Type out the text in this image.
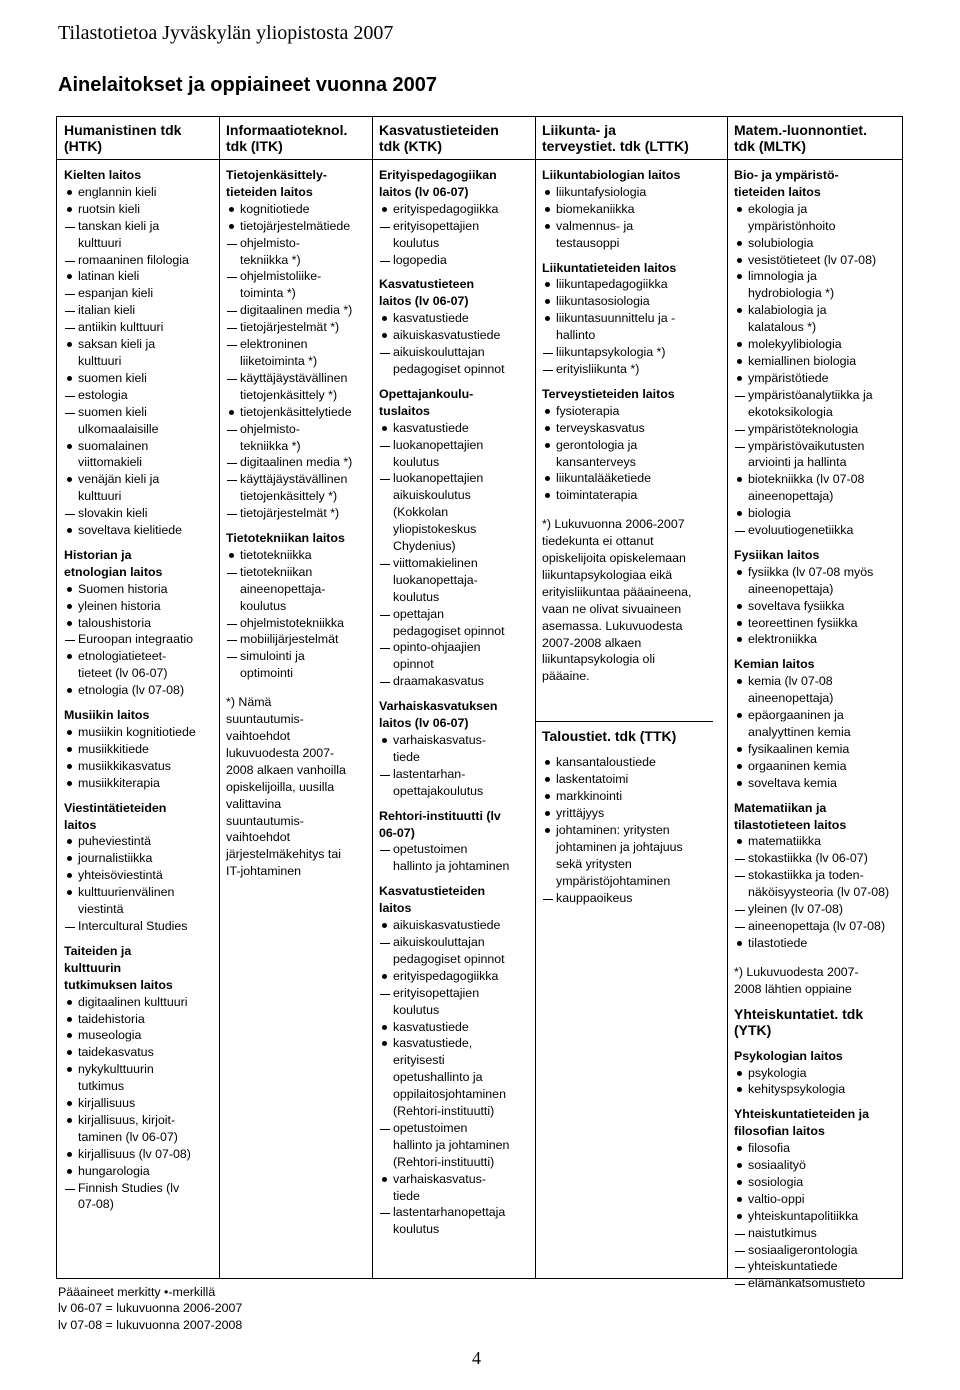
Tilastotietoa Jyväskylän yliopistosta 2007
Ainelaitokset ja oppiaineet vuonna 2007
Humanistinen tdk
(HTK)
Kielten laitos
englannin kieli
ruotsin kieli
tanskan kieli ja
kulttuuri
romaaninen filologia
latinan kieli
espanjan kieli
italian kieli
antiikin kulttuuri
saksan kieli ja
kulttuuri
suomen kieli
estologia
suomen kieli
ulkomaalaisille
suomalainen
viittomakieli
venäjän kieli ja
kulttuuri
slovakin kieli
soveltava kielitiede
Historian ja
etnologian laitos
Suomen historia
yleinen historia
taloushistoria
Euroopan integraatio
etnologiatieteet-
tieteet (lv 06-07)
etnologia (lv 07-08)
Musiikin laitos
musiikin kognitiotiede
musiikkitiede
musiikkikasvatus
musiikkiterapia
Viestintätieteiden
laitos
puheviestintä
journalistiikka
yhteisöviestintä
kulttuurienvälinen
viestintä
Intercultural Studies
Taiteiden ja
kulttuurin
tutkimuksen laitos
digitaalinen kulttuuri
taidehistoria
museologia
taidekasvatus
nykykulttuurin
tutkimus
kirjallisuus
kirjallisuus, kirjoit-
taminen (lv 06-07)
kirjallisuus (lv 07-08)
hungarologia
Finnish Studies (lv
07-08)
Informaatioteknol.
tdk (ITK)
Tietojenkäsittely-
tieteiden laitos
kognitiotiede
tietojärjestelmätiede
ohjelmisto-
tekniikka *)
ohjelmistoliike-
toiminta *)
digitaalinen media *)
tietojärjestelmät *)
elektroninen
liiketoiminta *)
käyttäjäystävällinen
tietojenkäsittely *)
tietojenkäsittelytiede
ohjelmisto-
tekniikka *)
digitaalinen media *)
käyttäjäystävällinen
tietojenkäsittely *)
tietojärjestelmät *)
Tietotekniikan laitos
tietotekniikka
tietotekniikan
aineenopettaja-
koulutus
ohjelmistotekniikka
mobiilijärjestelmät
simulointi ja
optimointi
*) Nämä
suuntautumis-
vaihtoehdot
lukuvuodesta 2007-
2008 alkaen vanhoilla
opiskelijoilla, uusilla
valittavina
suuntautumis-
vaihtoehdot
järjestelmäkehitys tai
IT-johtaminen
Kasvatustieteiden
tdk (KTK)
Erityispedagogiikan
laitos (lv 06-07)
erityispedagogiikka
erityisopettajien
koulutus
logopedia
Kasvatustieteen
laitos (lv 06-07)
kasvatustiede
aikuiskasvatustiede
aikuiskouluttajan
pedagogiset opinnot
Opettajankoulu-
tuslaitos
kasvatustiede
luokanopettajien
koulutus
luokanopettajien
aikuiskoulutus
(Kokkolan
yliopistokeskus
Chydenius)
viittomakielinen
luokanopettaja-
koulutus
opettajan
pedagogiset opinnot
opinto-ohjaajien
opinnot
draamakasvatus
Varhaiskasvatuksen
laitos (lv 06-07)
varhaiskasvatus-
tiede
lastentarhan-
opettajakoulutus
Rehtori-instituutti (lv
06-07)
opetustoimen
hallinto ja johtaminen
Kasvatustieteiden
laitos
aikuiskasvatustiede
aikuiskouluttajan
pedagogiset opinnot
erityispedagogiikka
erityisopettajien
koulutus
kasvatustiede
kasvatustiede,
erityisesti
opetushallinto ja
oppilaitosjohtaminen
(Rehtori-instituutti)
opetustoimen
hallinto ja johtaminen
(Rehtori-instituutti)
varhaiskasvatus-
tiede
lastentarhanopettaja
koulutus
Liikunta- ja
terveystiet. tdk (LTTK)
Liikuntabiologian laitos
liikuntafysiologia
biomekaniikka
valmennus- ja
testausoppi
Liikuntatieteiden laitos
liikuntapedagogiikka
liikuntasosiologia
liikuntasuunnittelu ja -
hallinto
liikuntapsykologia *)
erityisliikunta *)
Terveystieteiden laitos
fysioterapia
terveyskasvatus
gerontologia ja
kansanterveys
liikuntalääketiede
toimintaterapia
*) Lukuvuonna 2006-2007
tiedekunta ei ottanut
opiskelijoita opiskelemaan
liikuntapsykologiaa eikä
erityisliikuntaa pääaineena,
vaan ne olivat sivuaineen
asemassa. Lukuvuodesta
2007-2008 alkaen
liikuntapsykologia oli
pääaine.
Taloustiet. tdk (TTK)
kansantaloustiede
laskentatoimi
markkinointi
yrittäjyys
johtaminen: yritysten
johtaminen ja johtajuus
sekä yritysten
ympäristöjohtaminen
kauppaoikeus
Matem.-luonnontiet.
tdk (MLTK)
Bio- ja ympäristö-
tieteiden laitos
ekologia ja
ympäristönhoito
solubiologia
vesistötieteet (lv 07-08)
limnologia ja
hydrobiologia *)
kalabiologia ja
kalatalous *)
molekyylibiologia
kemiallinen biologia
ympäristötiede
ympäristöanalytiikka ja
ekotoksikologia
ympäristöteknologia
ympäristövaikutusten
arviointi ja hallinta
biotekniikka (lv 07-08
aineenopettaja)
biologia
evoluutiogenetiikka
Fysiikan laitos
fysiikka (lv 07-08 myös
aineenopettaja)
soveltava fysiikka
teoreettinen fysiikka
elektroniikka
Kemian laitos
kemia (lv 07-08
aineenopettaja)
epäorgaaninen ja
analyyttinen kemia
fysikaalinen kemia
orgaaninen kemia
soveltava kemia
Matematiikan ja
tilastotieteen laitos
matematiikka
stokastiikka (lv 06-07)
stokastiikka ja toden-
näköisyysteoria (lv 07-08)
yleinen (lv 07-08)
aineenopettaja (lv 07-08)
tilastotiede
*) Lukuvuodesta 2007-
2008 lähtien oppiaine
Yhteiskuntatiet. tdk
(YTK)
Psykologian laitos
psykologia
kehityspsykologia
Yhteiskuntatieteiden ja
filosofian laitos
filosofia
sosiaalityö
sosiologia
valtio-oppi
yhteiskuntapolitiikka
naistutkimus
sosiaaligerontologia
yhteiskuntatiede
elämänkatsomustieto
Pääaineet merkitty •-merkillä
lv 06-07 = lukuvuonna 2006-2007
lv 07-08 = lukuvuonna 2007-2008
4
